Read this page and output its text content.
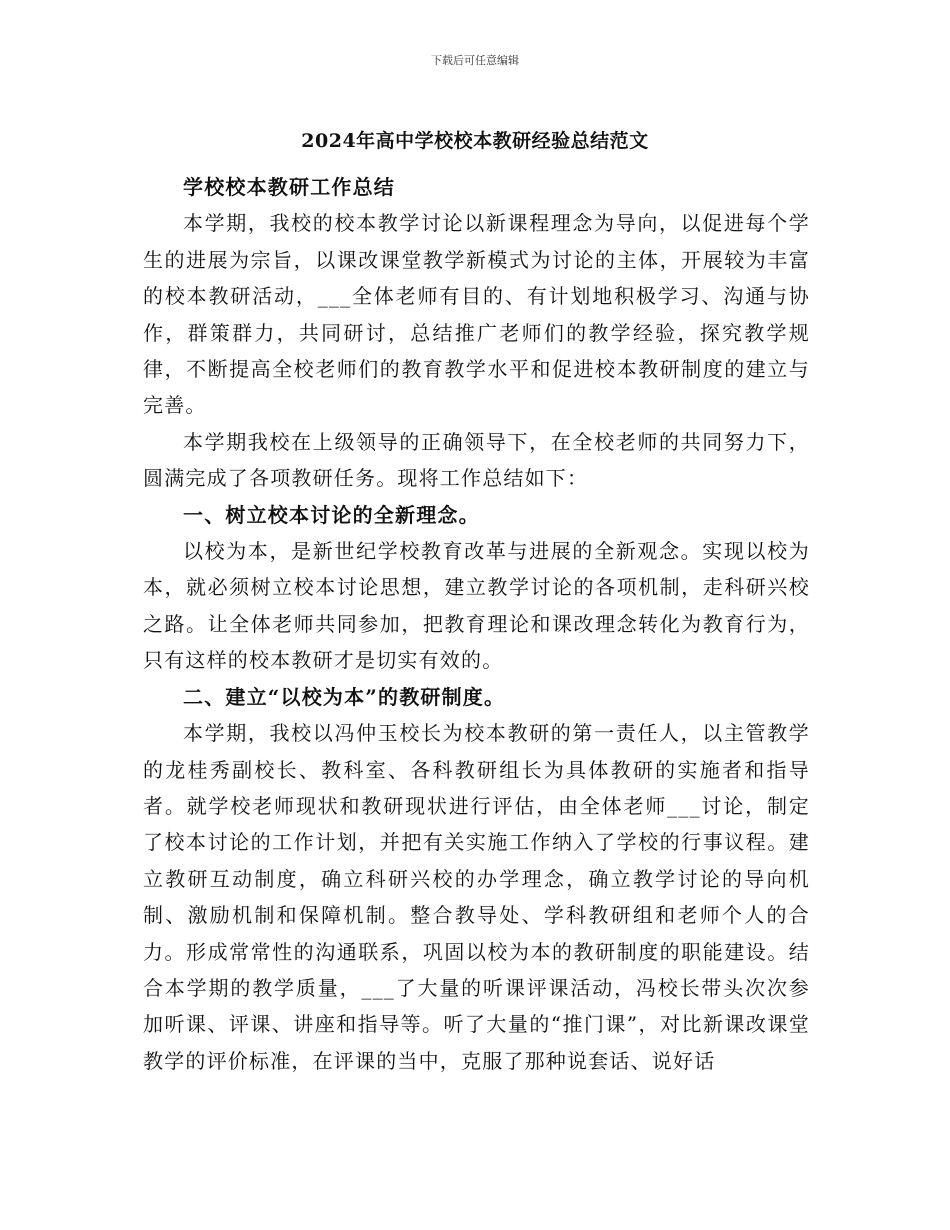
下载后可任意编辑
2024年高中学校校本教研经验总结范文

学校校本教研工作总结

本学期，我校的校本教学讨论以新课程理念为导向，以促进每个学生的进展为宗旨，以课改课堂教学新模式为讨论的主体，开展较为丰富的校本教研活动，___全体老师有目的、有计划地积极学习、沟通与协作，群策群力，共同研讨，总结推广老师们的教学经验，探究教学规律，不断提高全校老师们的教育教学水平和促进校本教研制度的建立与完善。

本学期我校在上级领导的正确领导下，在全校老师的共同努力下，圆满完成了各项教研任务。现将工作总结如下：

一、树立校本讨论的全新理念。

以校为本，是新世纪学校教育改革与进展的全新观念。实现以校为本，就必须树立校本讨论思想，建立教学讨论的各项机制，走科研兴校之路。让全体老师共同参加，把教育理论和课改理念转化为教育行为，只有这样的校本教研才是切实有效的。

二、建立“以校为本”的教研制度。

本学期，我校以冯仲玉校长为校本教研的第一责任人，以主管教学的龙桂秀副校长、教科室、各科教研组长为具体教研的实施者和指导者。就学校老师现状和教研现状进行评估，由全体老师___讨论，制定了校本讨论的工作计划，并把有关实施工作纳入了学校的行事议程。建立教研互动制度，确立科研兴校的办学理念，确立教学讨论的导向机制、激励机制和保障机制。整合教导处、学科教研组和老师个人的合力。形成常常性的沟通联系，巩固以校为本的教研制度的职能建设。结合本学期的教学质量，___了大量的听课评课活动，冯校长带头次次参加听课、评课、讲座和指导等。听了大量的“推门课”，对比新课改课堂教学的评价标准，在评课的当中，克服了那种说套话、说好话
